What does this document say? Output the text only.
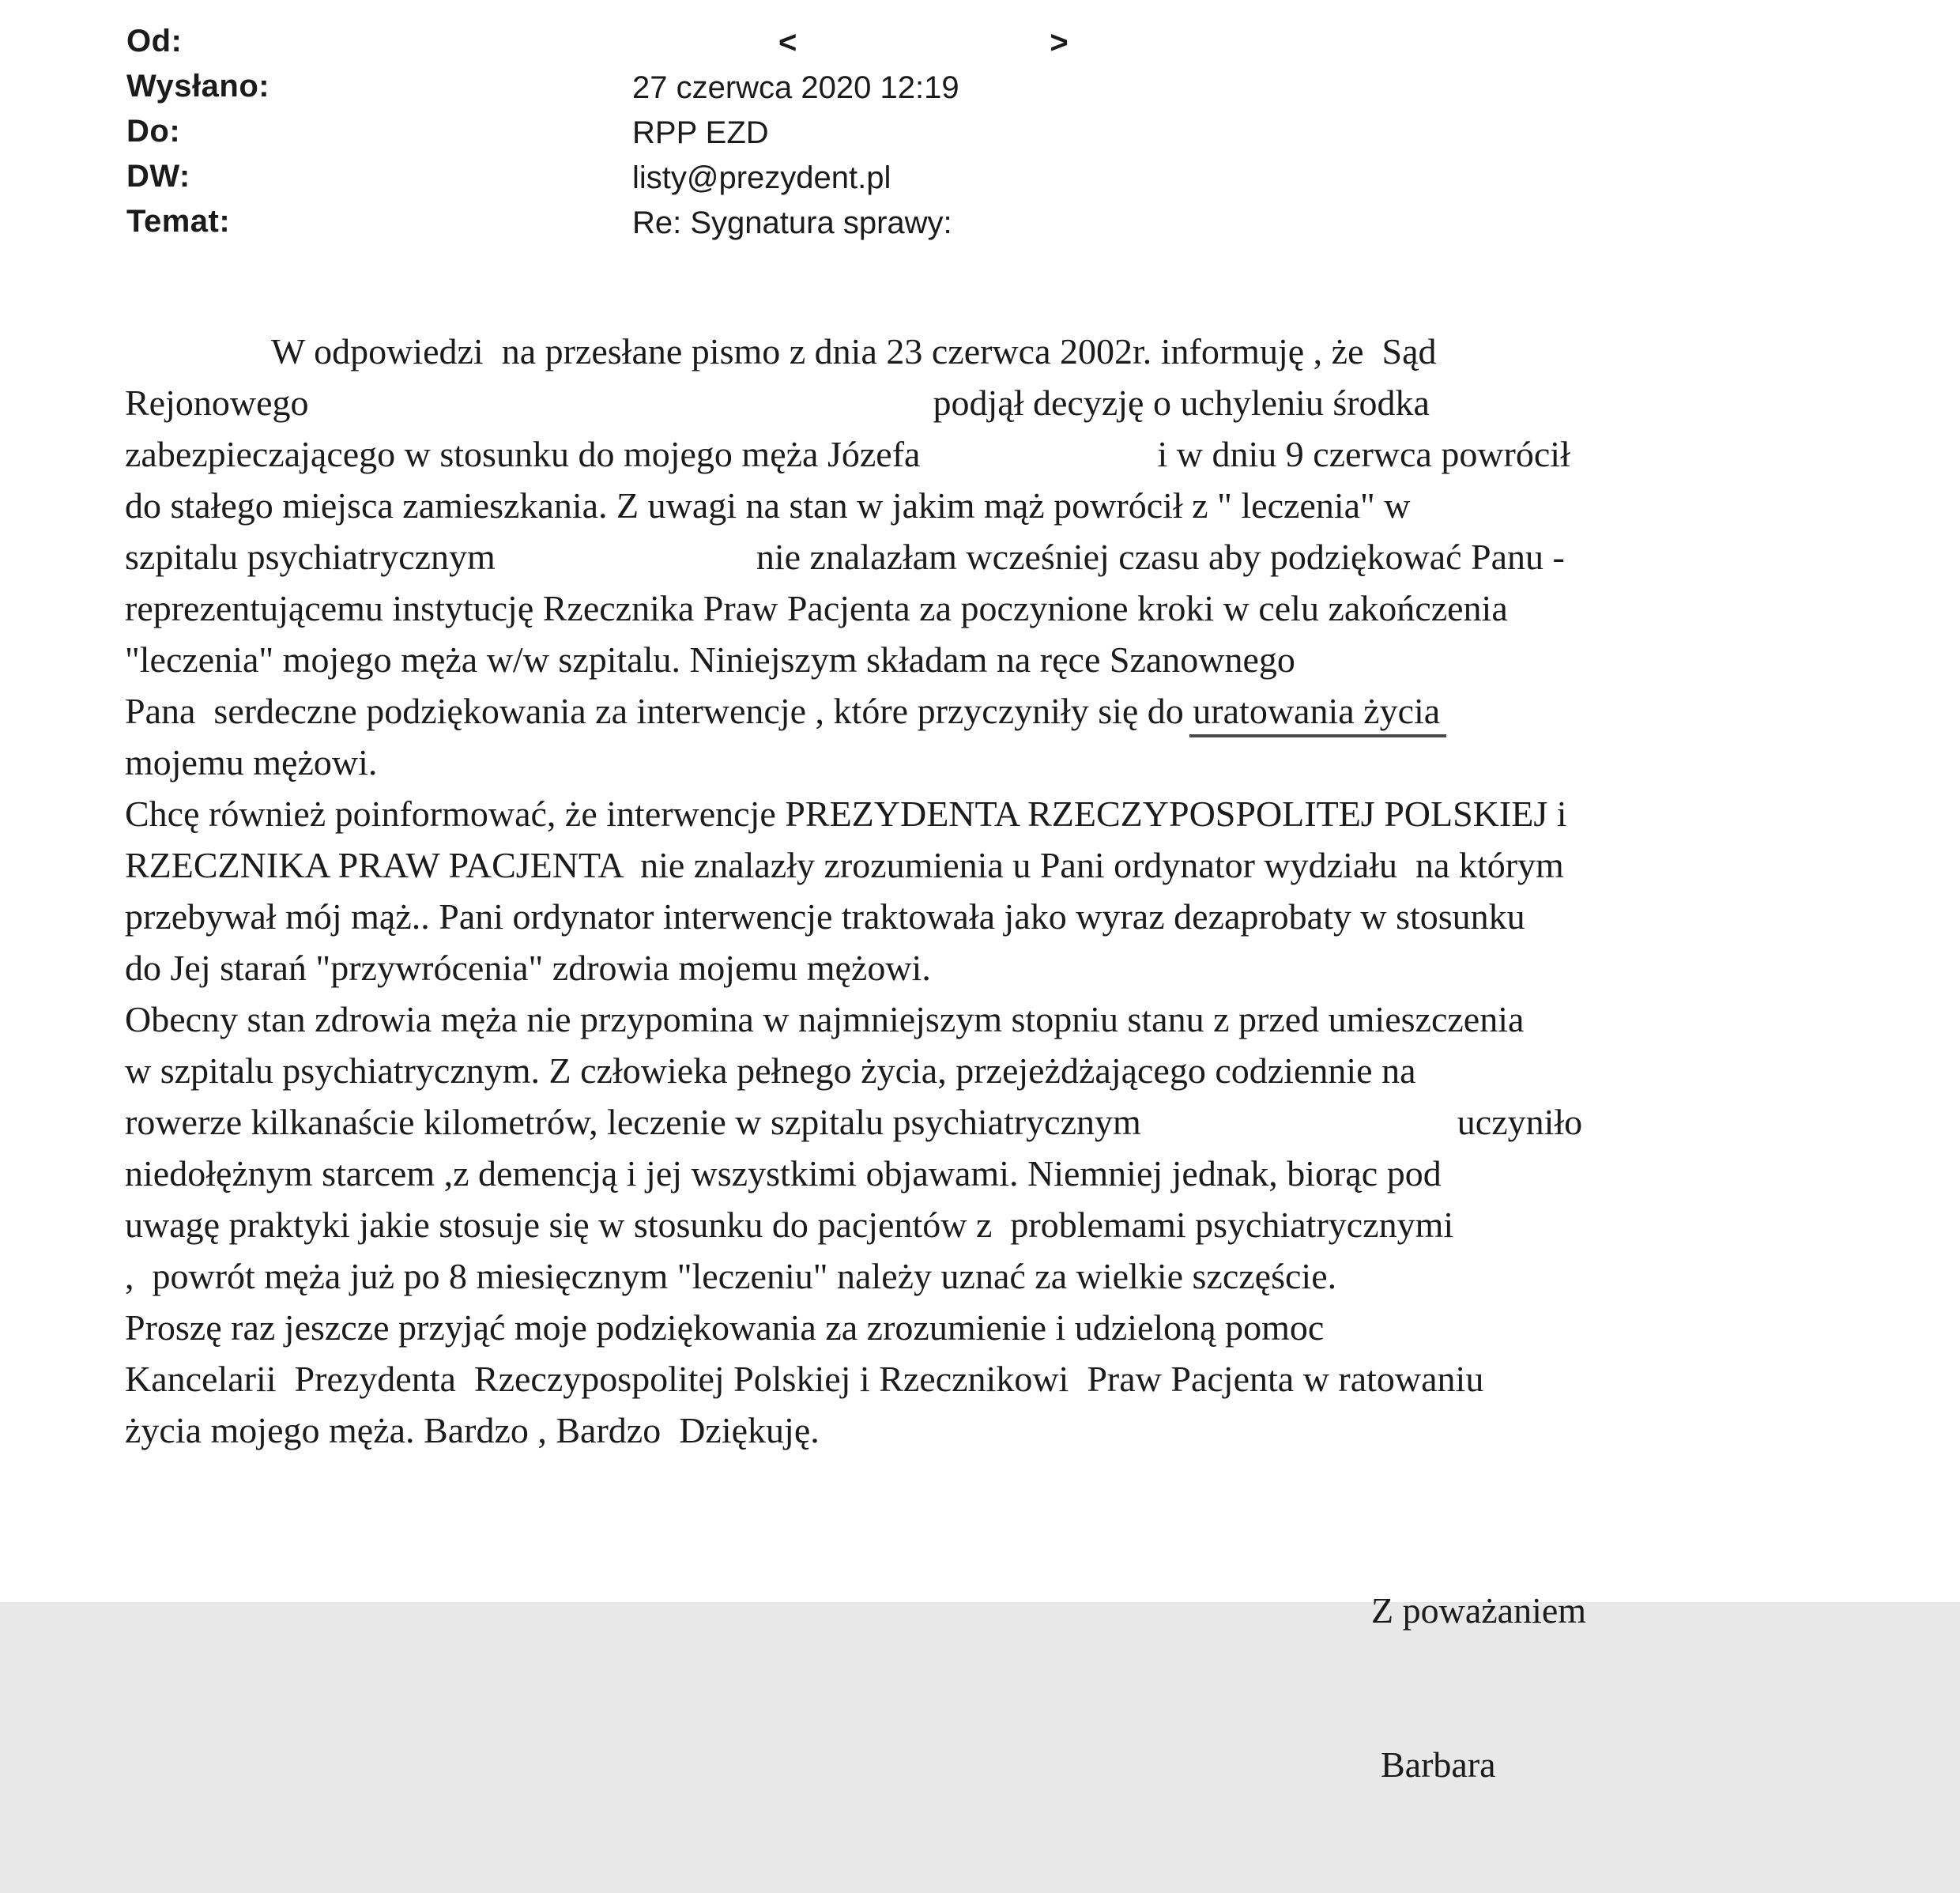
Od:

	<	>

Wysłano:

	27 czerwca 2020 12:19

Do:

	RPP EZD

DW:

	listy@prezydent.pl

Temat:

	Re: Sygnatura sprawy:

W odpowiedzi  na przesłane pismo z dnia 23 czerwca 2002r. informuję , że  Sąd
Rejonowego	podjął decyzję o uchyleniu środka
zabezpieczającego w stosunku do mojego męża Józefa	i w dniu 9 czerwca powrócił
do stałego miejsca zamieszkania. Z uwagi na stan w jakim mąż powrócił z " leczenia" w
szpitalu psychiatrycznym	nie znalazłam wcześniej czasu aby podziękować Panu -
reprezentującemu instytucję Rzecznika Praw Pacjenta za poczynione kroki w celu zakończenia
"leczenia" mojego męża w/w szpitalu. Niniejszym składam na ręce Szanownego
Pana  serdeczne podziękowania za interwencje , które przyczyniły się do uratowania życia
mojemu mężowi.
Chcę również poinformować, że interwencje PREZYDENTA RZECZYPOSPOLITEJ POLSKIEJ i
RZECZNIKA PRAW PACJENTA  nie znalazły zrozumienia u Pani ordynator wydziału  na którym
przebywał mój mąż.. Pani ordynator interwencje traktowała jako wyraz dezaprobaty w stosunku
do Jej starań "przywrócenia" zdrowia mojemu mężowi.
Obecny stan zdrowia męża nie przypomina w najmniejszym stopniu stanu z przed umieszczenia
w szpitalu psychiatrycznym. Z człowieka pełnego życia, przejeżdżającego codziennie na
rowerze kilkanaście kilometrów, leczenie w szpitalu psychiatrycznym	uczyniło
niedołężnym starcem ,z demencją i jej wszystkimi objawami. Niemniej jednak, biorąc pod
uwagę praktyki jakie stosuje się w stosunku do pacjentów z  problemami psychiatrycznymi
,  powrót męża już po 8 miesięcznym "leczeniu" należy uznać za wielkie szczęście.
Proszę raz jeszcze przyjąć moje podziękowania za zrozumienie i udzieloną pomoc
Kancelarii  Prezydenta  Rzeczypospolitej Polskiej i Rzecznikowi  Praw Pacjenta w ratowaniu
życia mojego męża. Bardzo , Bardzo  Dziękuję.

Z poważaniem

Barbara
